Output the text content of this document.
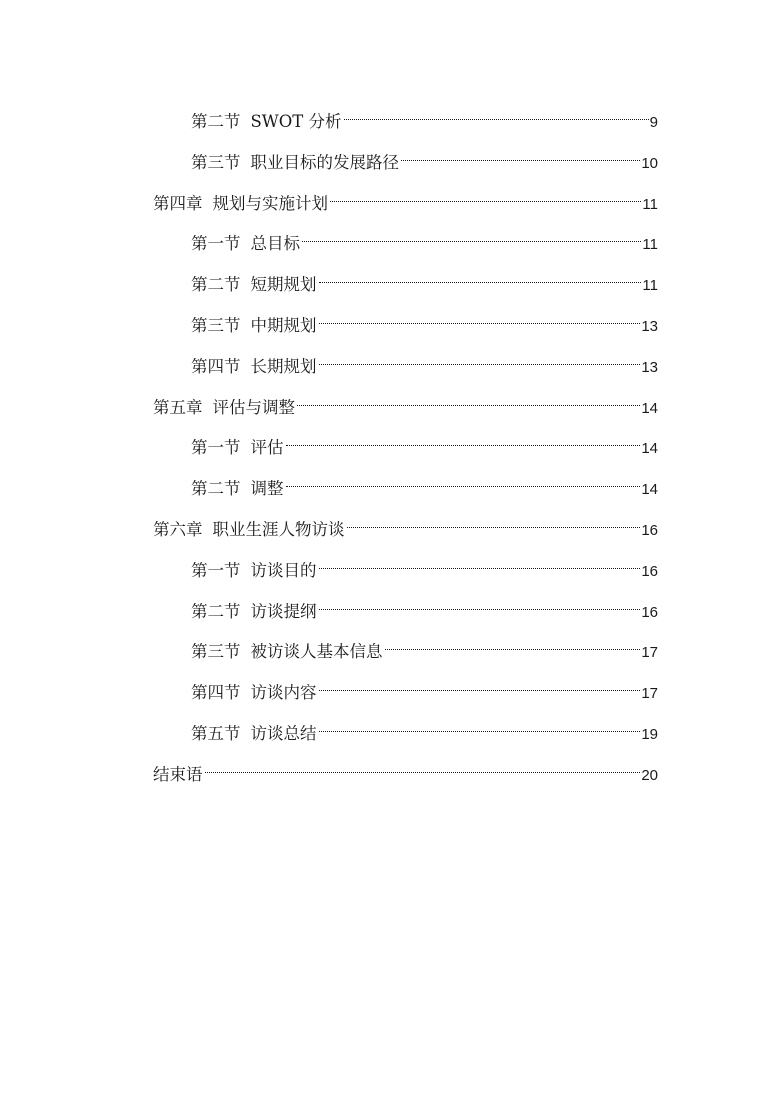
第二节 SWOT 分析	9
第三节 职业目标的发展路径	10
第四章 规划与实施计划	11
第一节 总目标	11
第二节 短期规划	11
第三节 中期规划	13
第四节 长期规划	13
第五章 评估与调整	14
第一节 评估	14
第二节 调整	14
第六章 职业生涯人物访谈	16
第一节 访谈目的	16
第二节 访谈提纲	16
第三节 被访谈人基本信息	17
第四节 访谈内容	17
第五节 访谈总结	19
结束语	20
